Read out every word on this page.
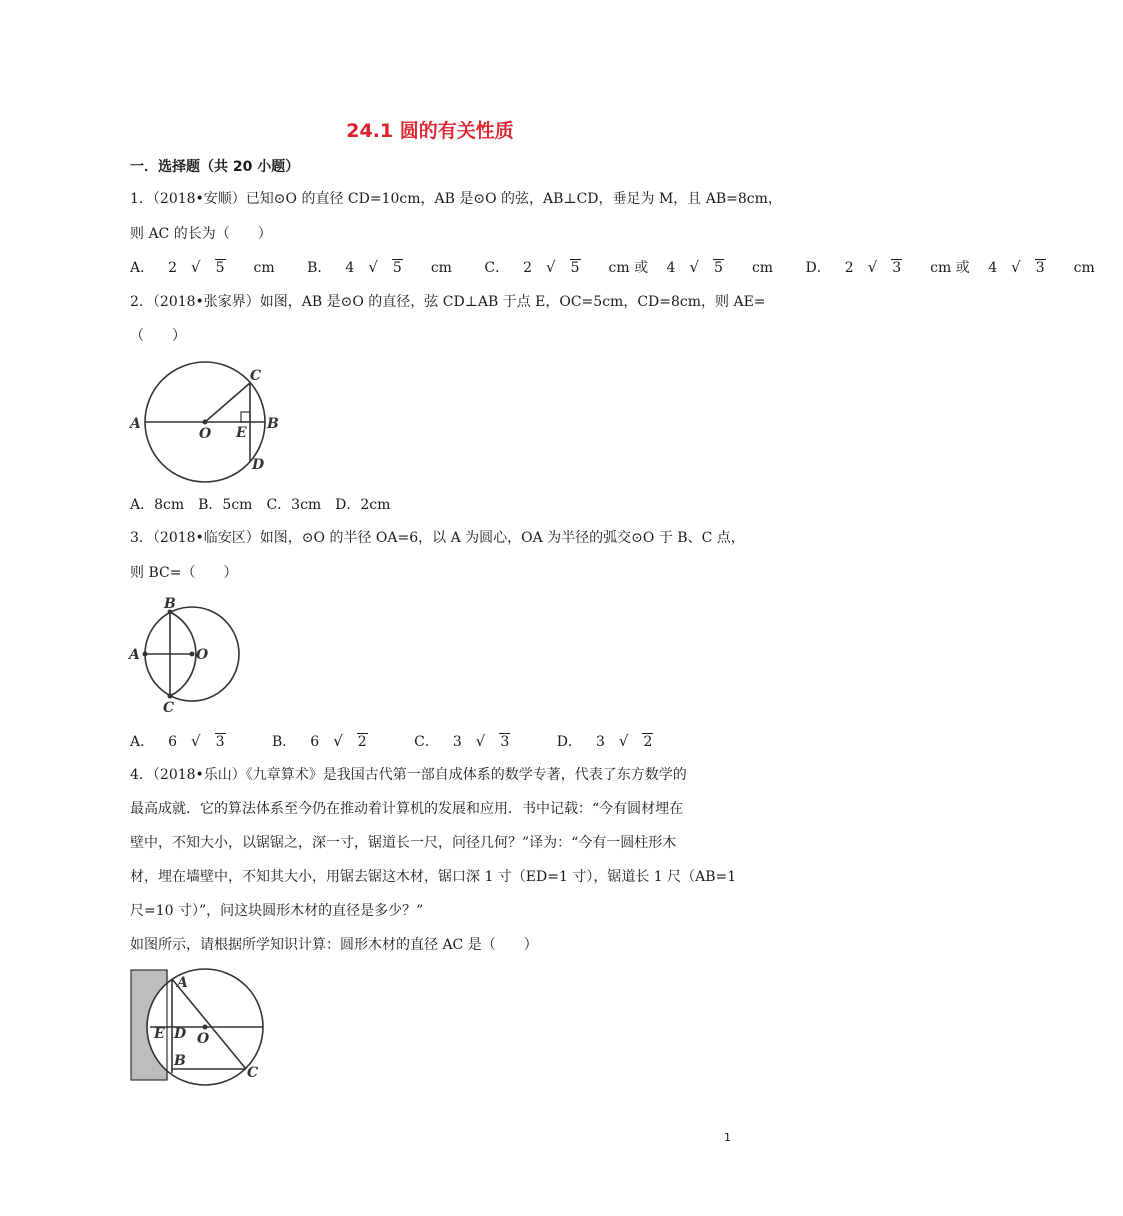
24.1 圆的有关性质
一．选择题（共 20 小题）
1．（2018•安顺）已知⊙O 的直径 CD=10cm，AB 是⊙O 的弦，AB⊥CD，垂足为 M，且 AB=8cm，
则 AC 的长为（　　）
A． 2 √ 5 cm B． 4 √ 5 cm C． 2 √ 5 cm 或 4 √ 5 cm D． 2 √ 3 cm 或 4 √ 3 cm
2．（2018•张家界）如图，AB 是⊙O 的直径，弦 CD⊥AB 于点 E，OC=5cm，CD=8cm，则 AE=
（　　）
A	B
C
D
E
O
A．8cm　B．5cm　C．3cm　D．2cm
3．（2018•临安区）如图，⊙O 的半径 OA=6，以 A 为圆心，OA 为半径的弧交⊙O 于 B、C 点，
则 BC=（　　）
B
A	O
C
A． 6 √ 3	B． 6 √ 2	C． 3 √ 3	D． 3 √ 2
4．（2018•乐山）《九章算术》是我国古代第一部自成体系的数学专著，代表了东方数学的
最高成就．它的算法体系至今仍在推动着计算机的发展和应用．书中记载：“今有圆材埋在
壁中，不知大小，以锯锯之，深一寸，锯道长一尺，问径几何？”译为：“今有一圆柱形木
材，埋在墙壁中，不知其大小，用锯去锯这木材，锯口深 1 寸（ED=1 寸），锯道长 1 尺（AB=1
尺=10 寸）”，问这块圆形木材的直径是多少？”
如图所示，请根据所学知识计算：圆形木材的直径 AC 是（　　）
A
E D O
B
C
1
